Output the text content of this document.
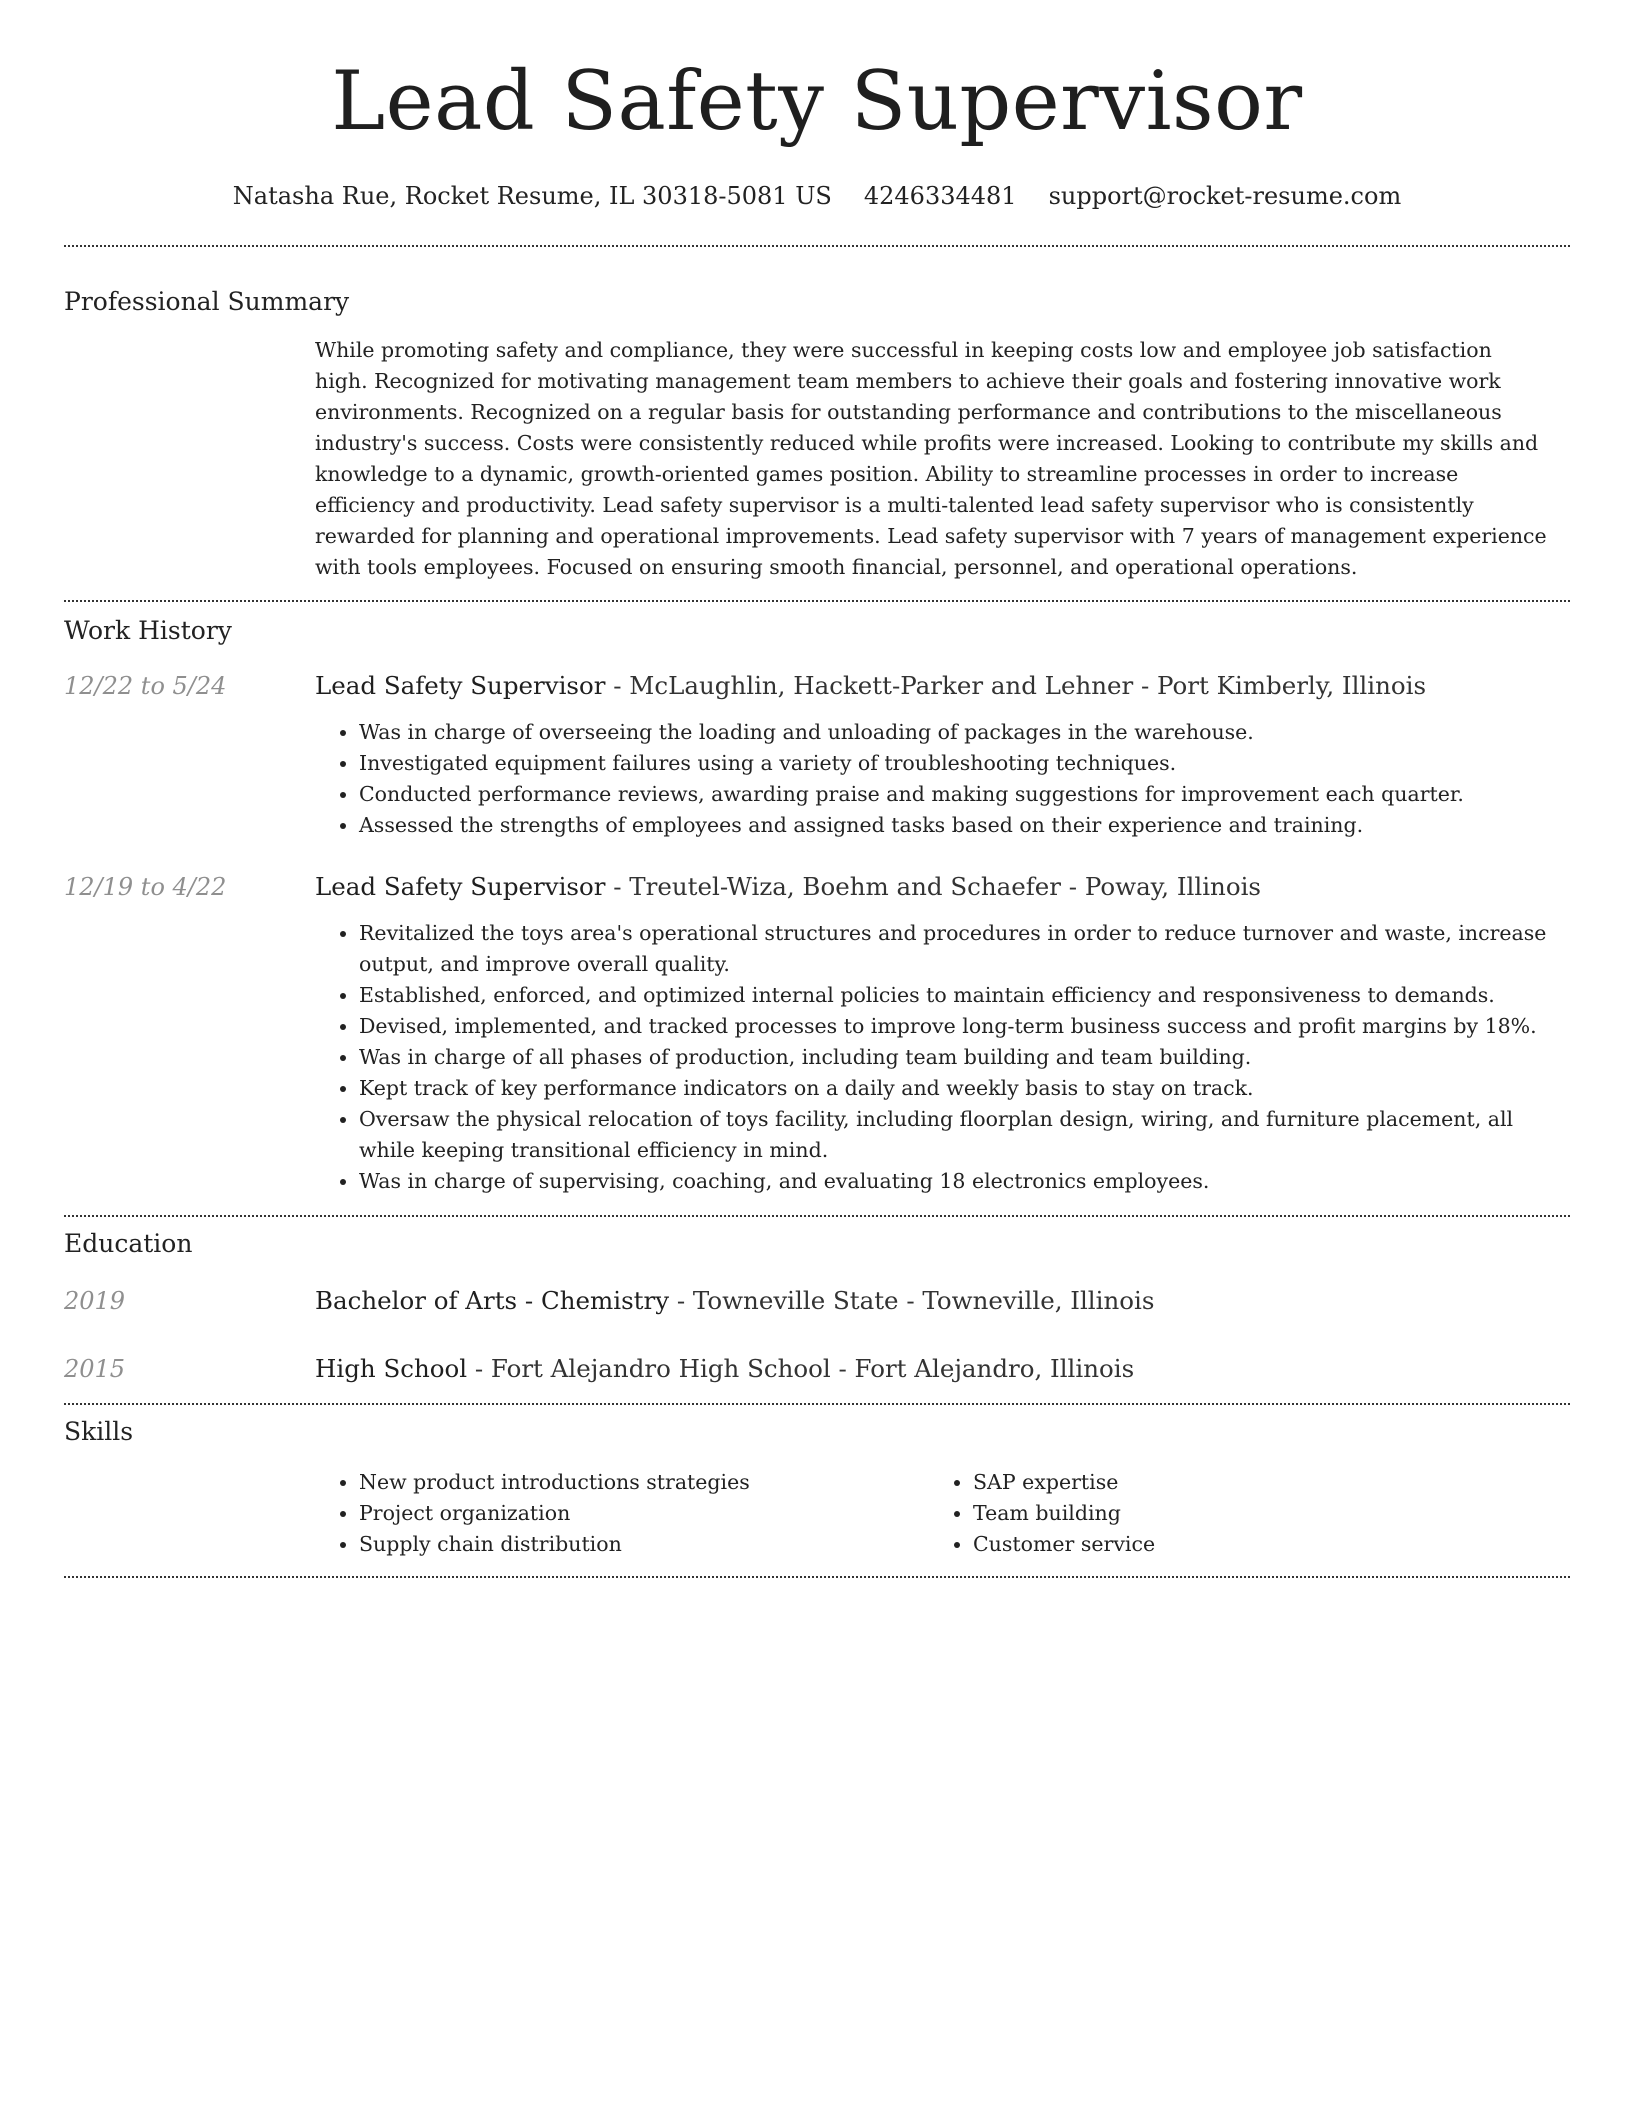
Lead Safety Supervisor
Natasha Rue, Rocket Resume, IL 30318-5081 US 4246334481 support@rocket-resume.com
Professional Summary

While promoting safety and compliance, they were successful in keeping costs low and employee job satisfaction high. Recognized for motivating management team members to achieve their goals and fostering innovative work environments. Recognized on a regular basis for outstanding performance and contributions to the miscellaneous industry's success. Costs were consistently reduced while profits were increased. Looking to contribute my skills and knowledge to a dynamic, growth-oriented games position. Ability to streamline processes in order to increase efficiency and productivity. Lead safety supervisor is a multi-talented lead safety supervisor who is consistently rewarded for planning and operational improvements. Lead safety supervisor with 7 years of management experience with tools employees. Focused on ensuring smooth financial, personnel, and operational operations.

Work History
12/22 to 5/24	Lead Safety Supervisor - McLaughlin, Hackett-Parker and Lehner - Port Kimberly, Illinois
• Was in charge of overseeing the loading and unloading of packages in the warehouse.
• Investigated equipment failures using a variety of troubleshooting techniques.
• Conducted performance reviews, awarding praise and making suggestions for improvement each quarter.
• Assessed the strengths of employees and assigned tasks based on their experience and training.
12/19 to 4/22	Lead Safety Supervisor - Treutel-Wiza, Boehm and Schaefer - Poway, Illinois
• Revitalized the toys area's operational structures and procedures in order to reduce turnover and waste, increase output, and improve overall quality.
• Established, enforced, and optimized internal policies to maintain efficiency and responsiveness to demands.
• Devised, implemented, and tracked processes to improve long-term business success and profit margins by 18%.
• Was in charge of all phases of production, including team building and team building.
• Kept track of key performance indicators on a daily and weekly basis to stay on track.
• Oversaw the physical relocation of toys facility, including floorplan design, wiring, and furniture placement, all while keeping transitional efficiency in mind.
• Was in charge of supervising, coaching, and evaluating 18 electronics employees.
Education
2019	Bachelor of Arts - Chemistry - Towneville State - Towneville, Illinois
2015	High School - Fort Alejandro High School - Fort Alejandro, Illinois
Skills
• New product introductions strategies
• Project organization
• Supply chain distribution
• SAP expertise
• Team building
• Customer service
